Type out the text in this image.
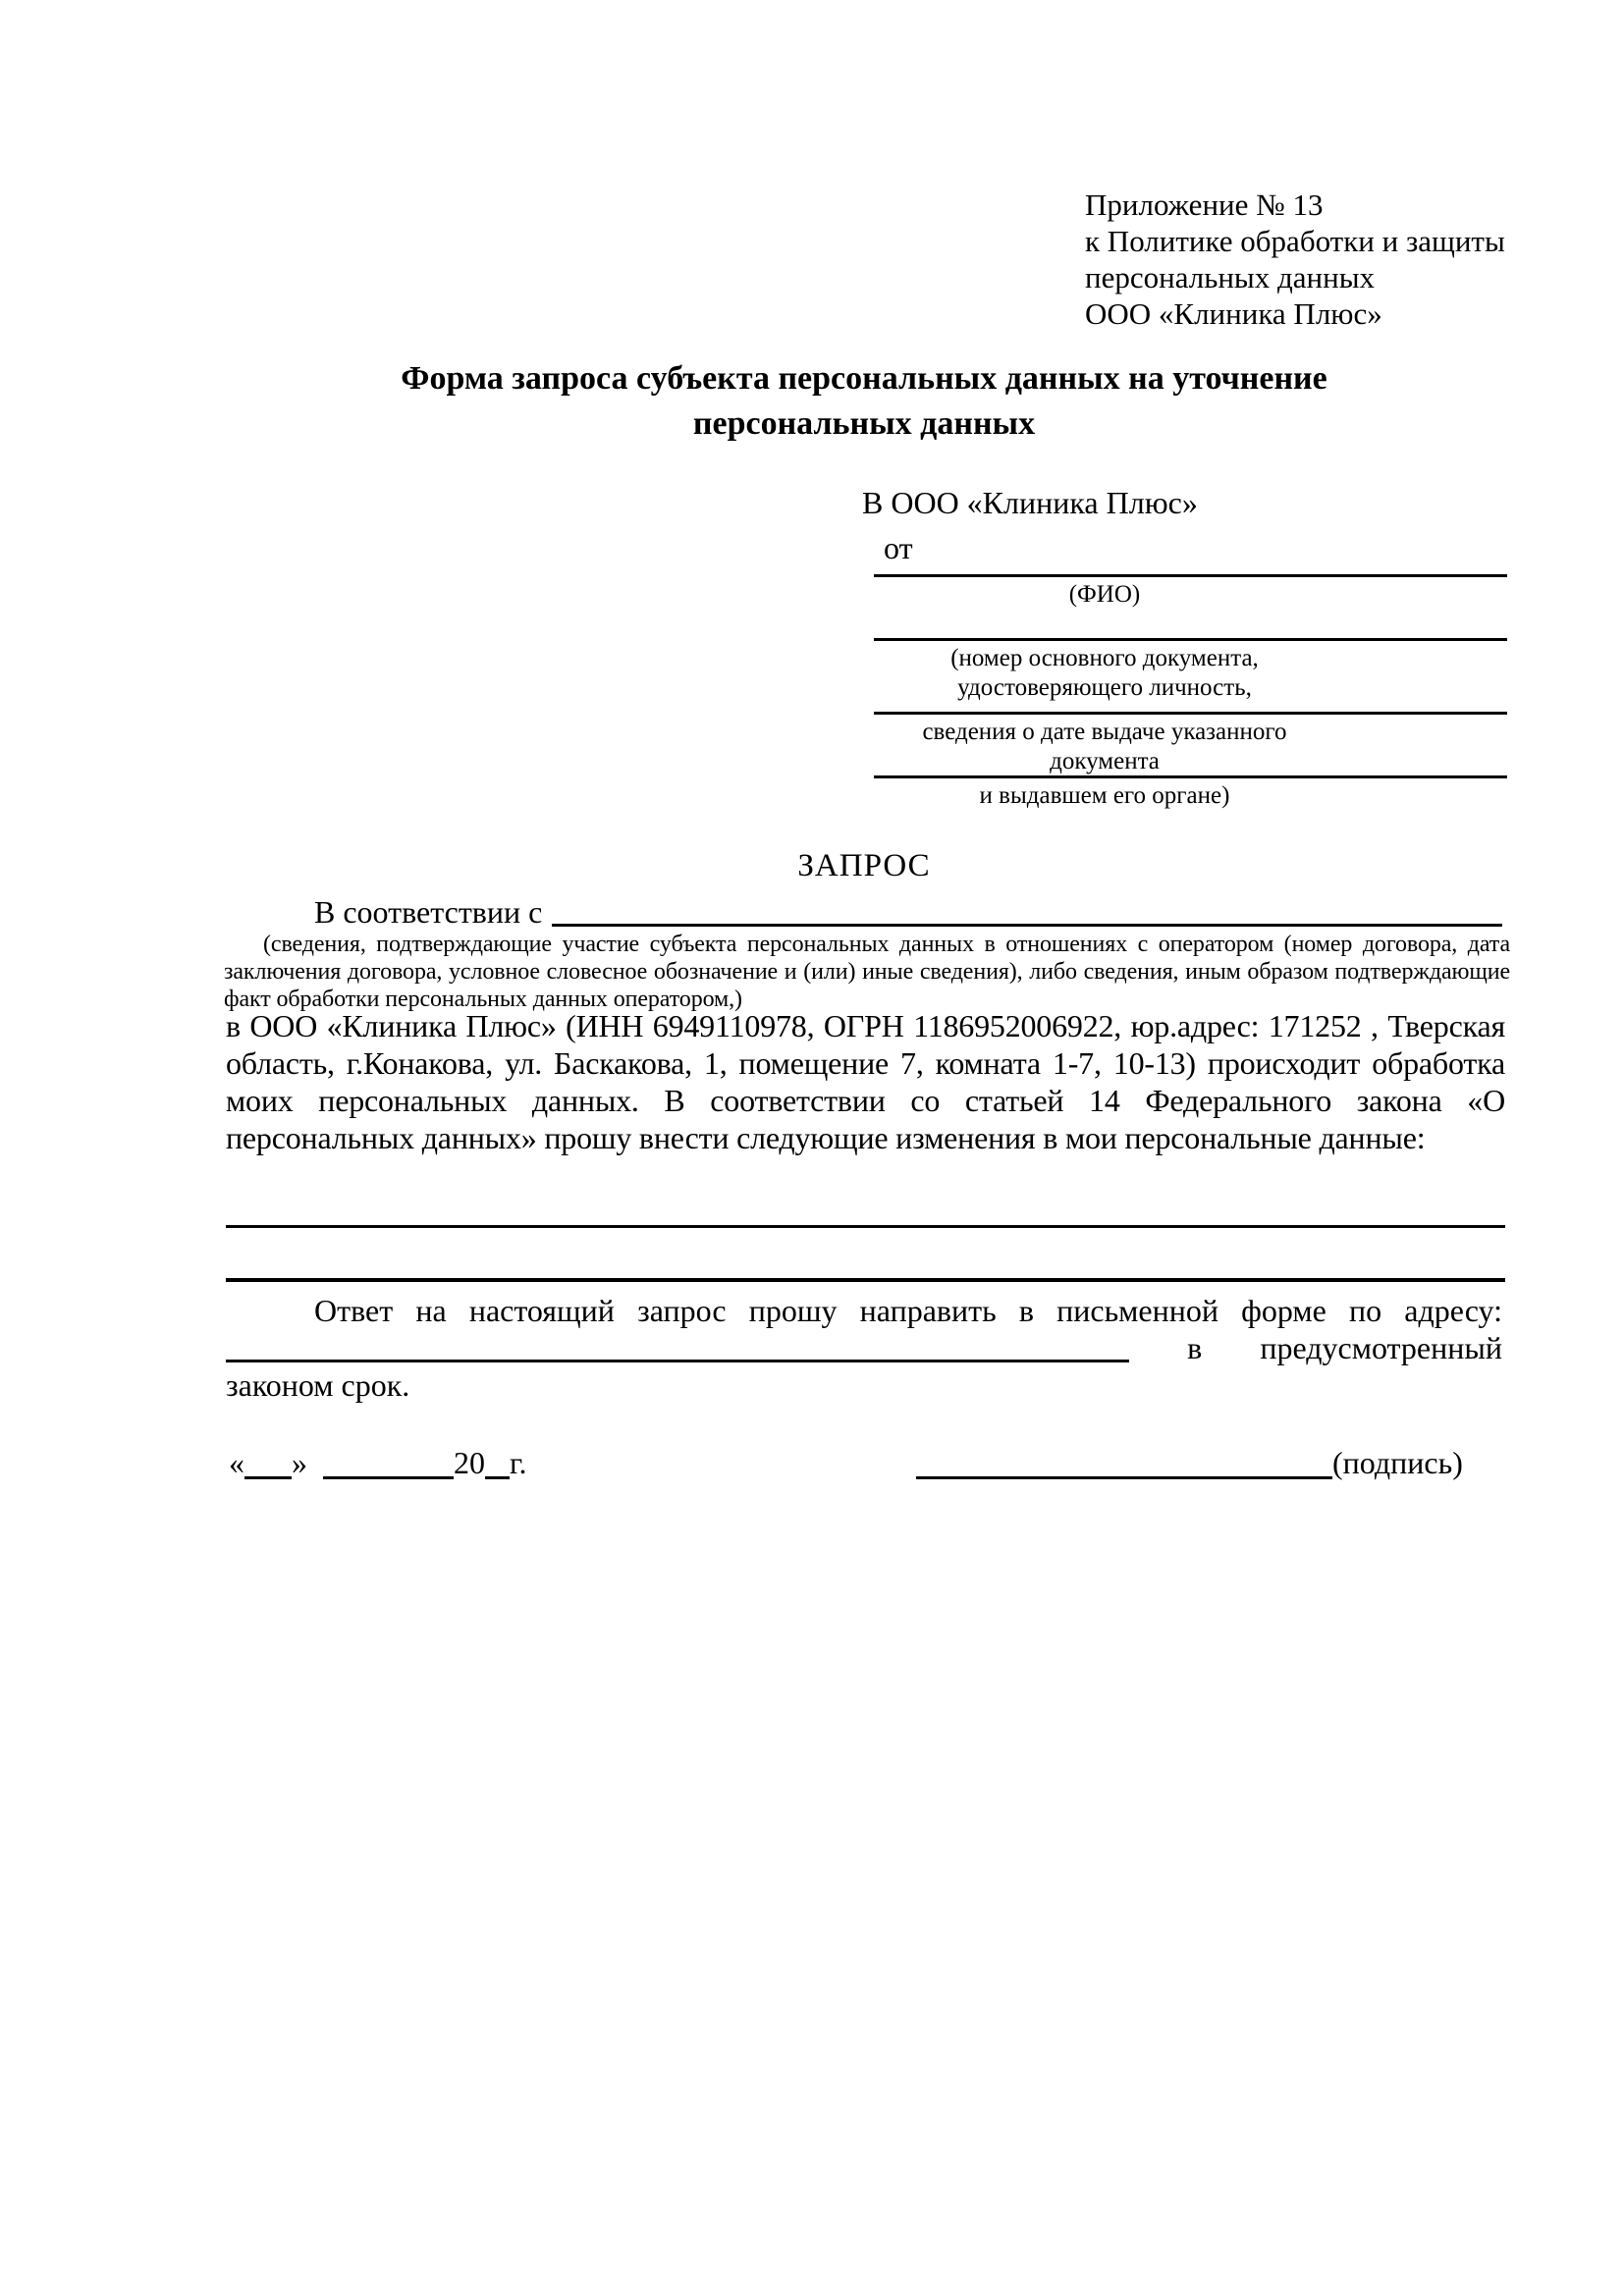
Приложение № 13
к Политике обработки и защиты
персональных данных
ООО «Клиника Плюс»
Форма запроса субъекта персональных данных на уточнение персональных данных
В ООО «Клиника Плюс»
от
(ФИО)
(номер основного документа, удостоверяющего личность,
сведения о дате выдаче указанного документа
и выдавшем его органе)
ЗАПРОС
В соответствии с
(сведения, подтверждающие участие субъекта персональных данных в отношениях с оператором (номер договора, дата заключения договора, условное словесное обозначение и (или) иные сведения), либо сведения, иным образом подтверждающие факт обработки персональных данных оператором,)
в ООО «Клиника Плюс» (ИНН 6949110978, ОГРН 1186952006922, юр.адрес: 171252 , Тверская область, г.Конакова, ул. Баскакова, 1, помещение 7, комната 1-7, 10-13) происходит обработка моих персональных данных. В соответствии со статьей 14 Федерального закона «О персональных данных» прошу внести следующие изменения в мои персональные данные:
Ответ на настоящий запрос прошу направить в письменной форме по адресу:
в предусмотренный
законом срок.
« »	20 г.	(подпись)
